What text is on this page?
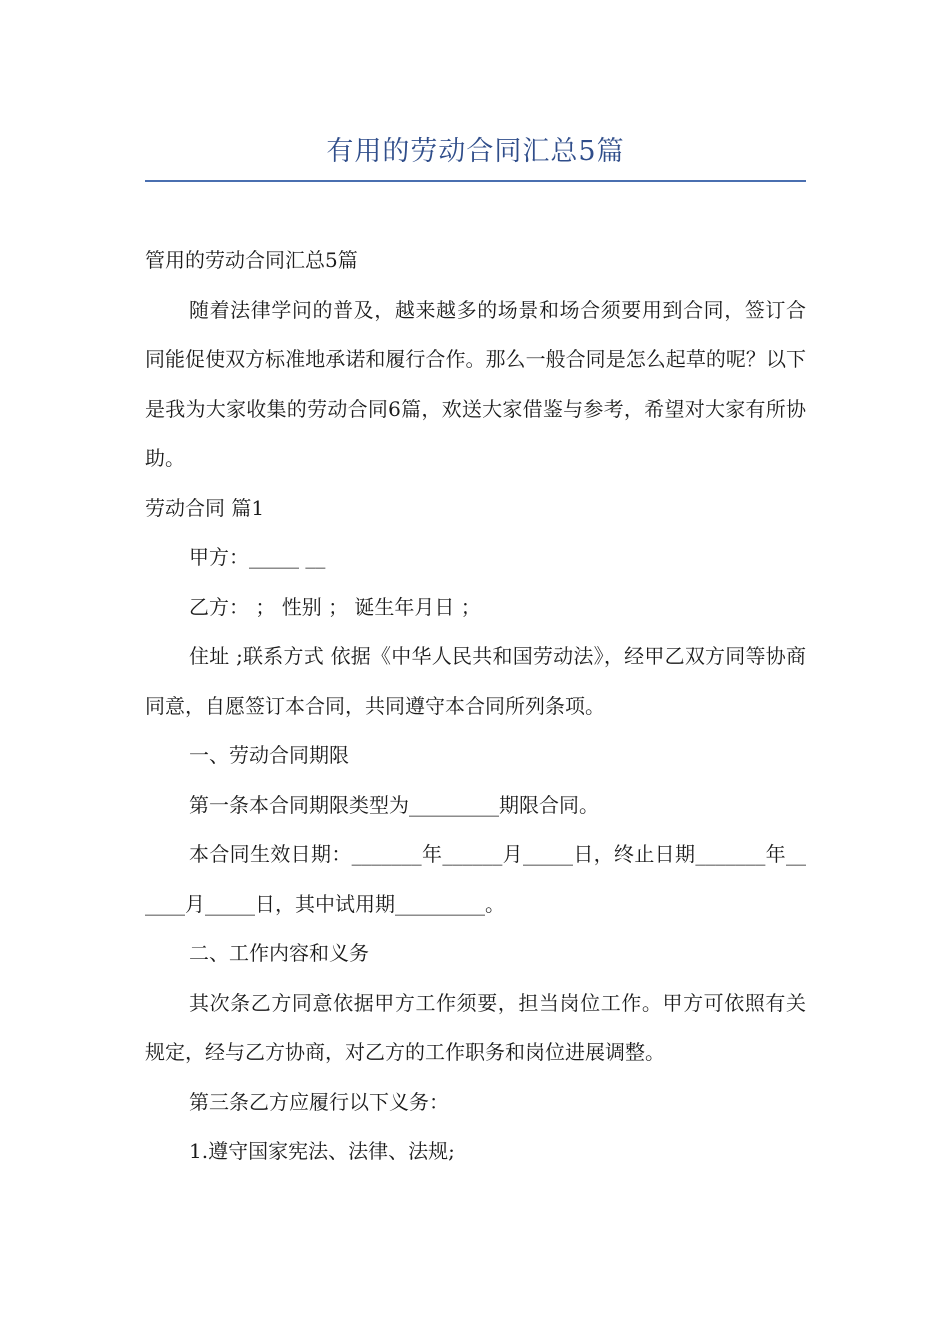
有用的劳动合同汇总5篇

管用的劳动合同汇总5篇

随着法律学问的普及，越来越多的场景和场合须要用到合同，签订合同能促使双方标准地承诺和履行合作。那么一般合同是怎么起草的呢？以下是我为大家收集的劳动合同6篇，欢送大家借鉴与参考，希望对大家有所协助。

劳动合同 篇1

甲方：_____ __

乙方： ； 性别 ； 诞生年月日 ；

住址 ;联系方式 依据《中华人民共和国劳动法》，经甲乙双方同等协商同意，自愿签订本合同，共同遵守本合同所列条项。

一、劳动合同期限

第一条本合同期限类型为_________期限合同。

本合同生效日期：_______年______月_____日，终止日期_______年______月_____日，其中试用期_________。

二、工作内容和义务

其次条乙方同意依据甲方工作须要，担当岗位工作。甲方可依照有关规定，经与乙方协商，对乙方的工作职务和岗位进展调整。

第三条乙方应履行以下义务：

1.遵守国家宪法、法律、法规;
